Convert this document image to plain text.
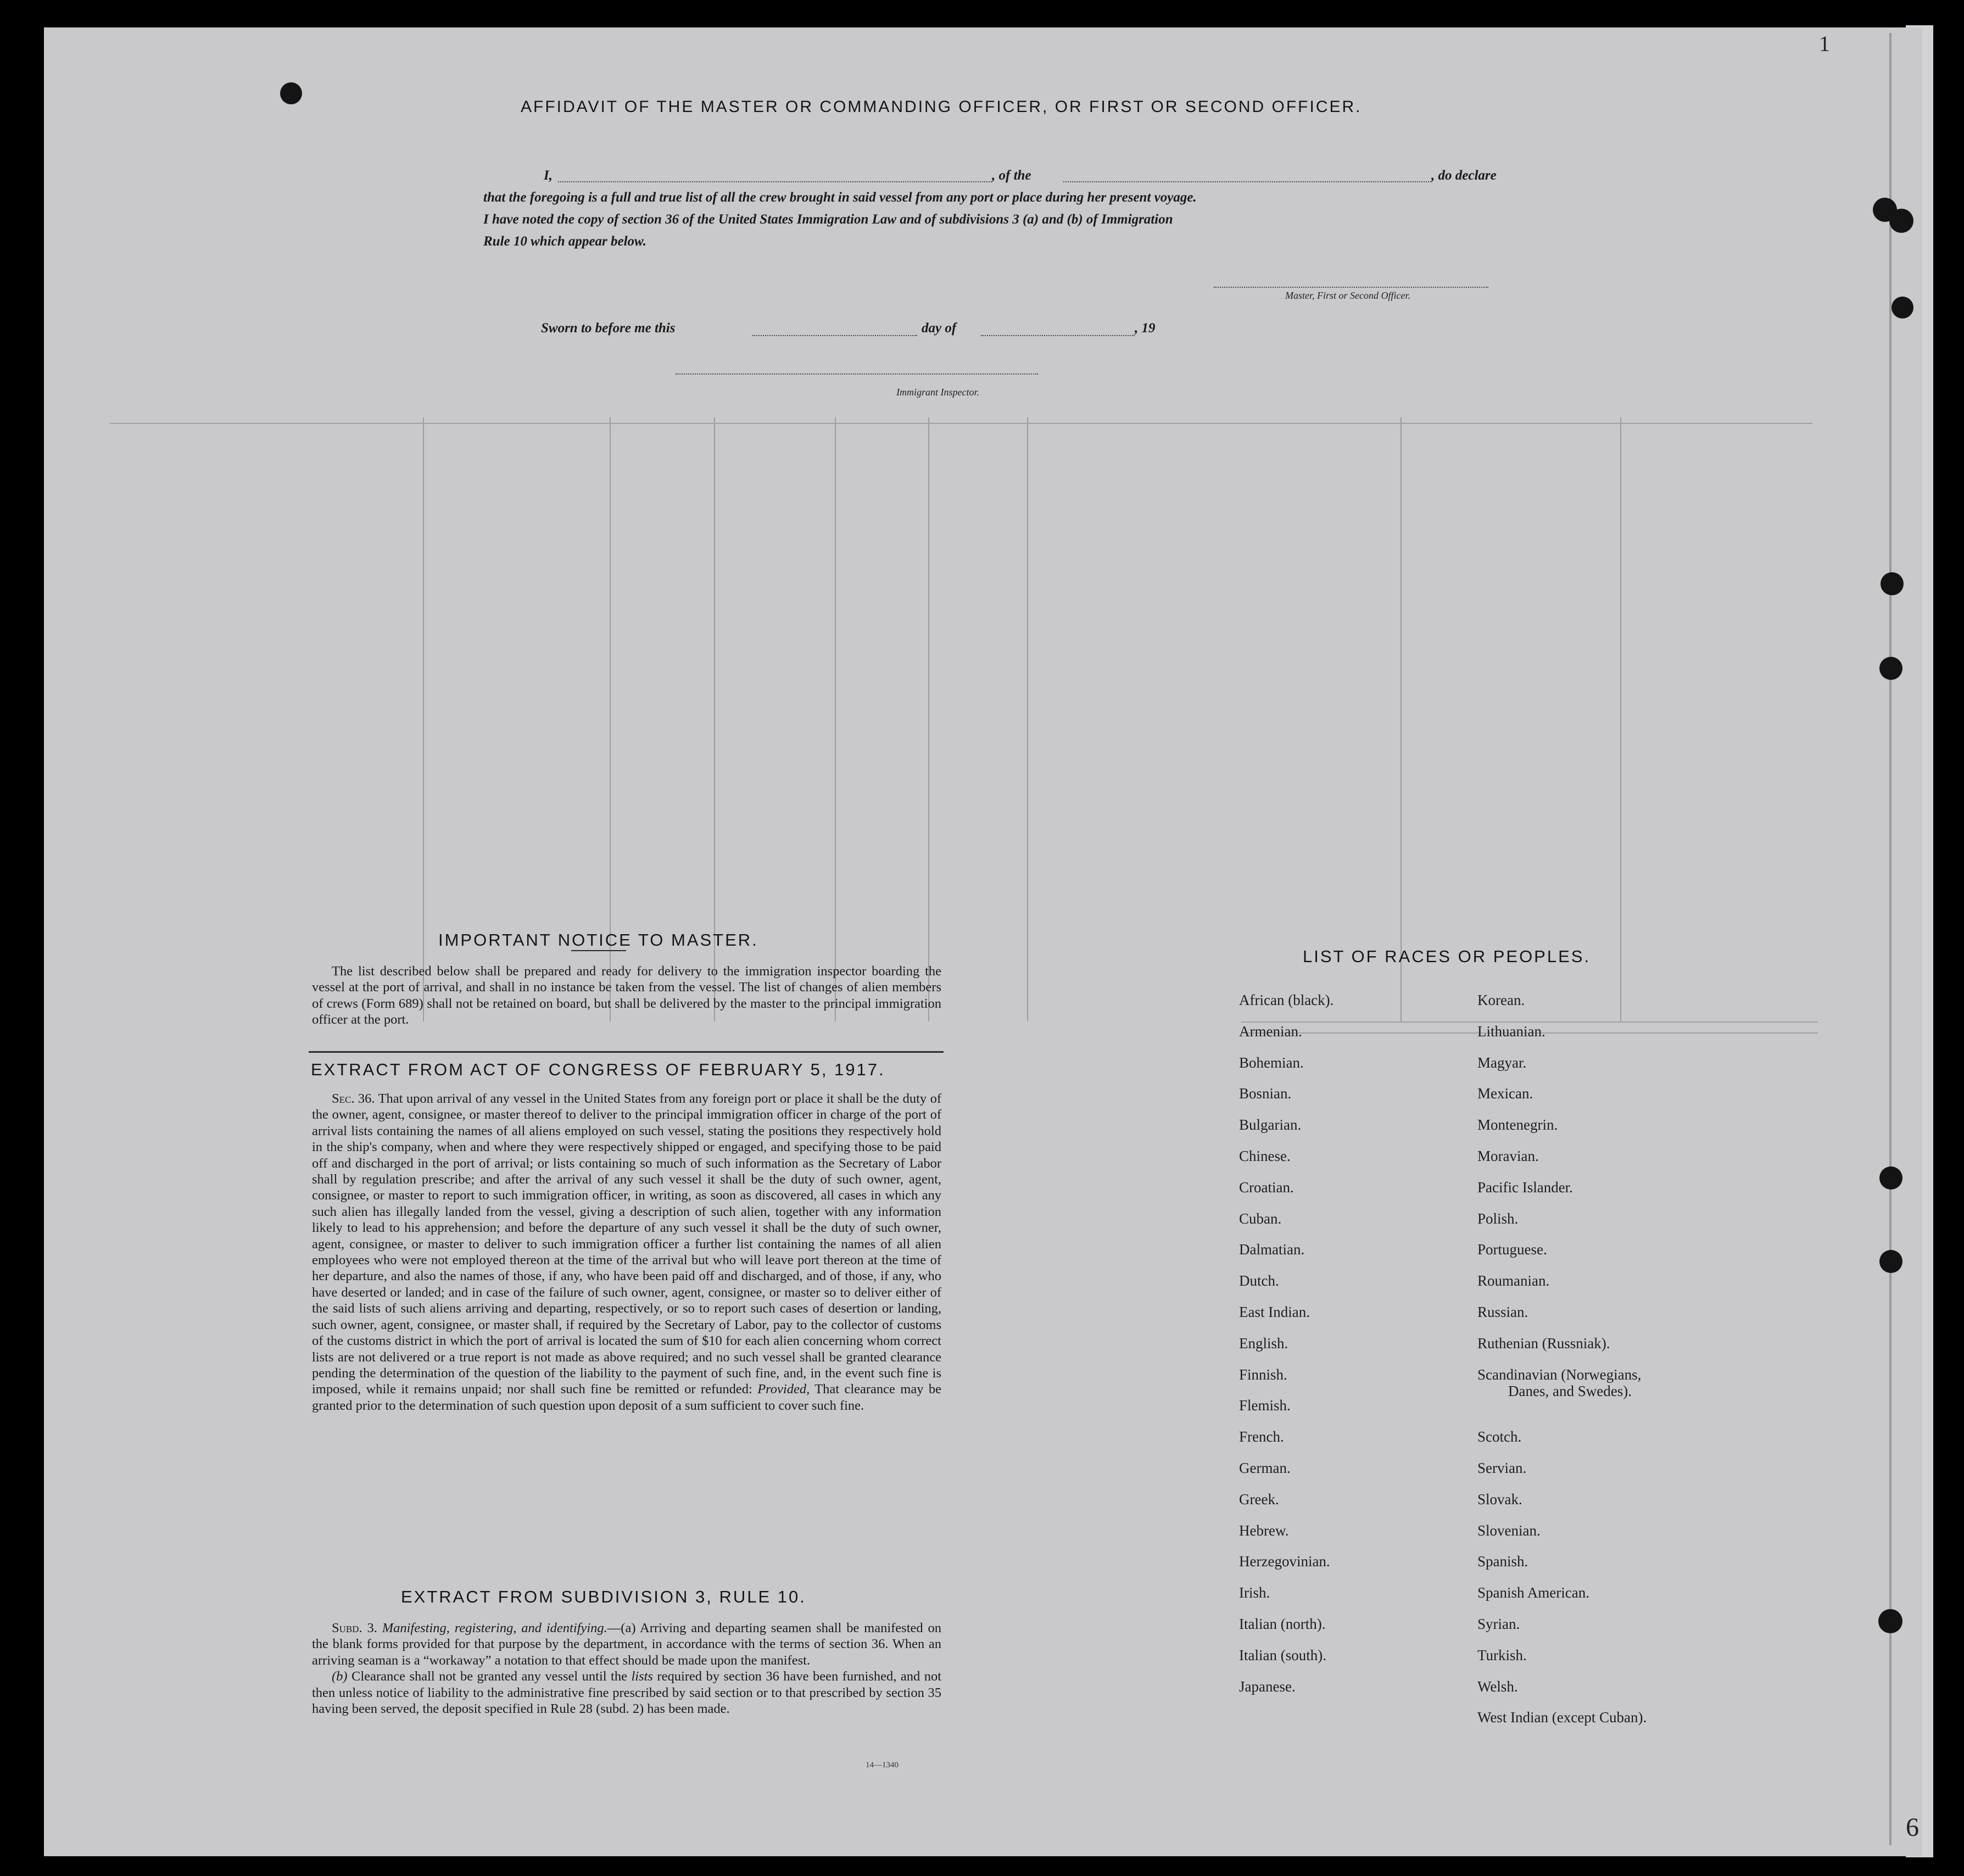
1
6
AFFIDAVIT OF THE MASTER OR COMMANDING OFFICER, OR FIRST OR SECOND OFFICER.
I,	, of the	, do declare
that the foregoing is a full and true list of all the crew brought in said vessel from any port or place during her present voyage.
I have noted the copy of section 36 of the United States Immigration Law and of subdivisions 3 (a) and (b) of Immigration
Rule 10 which appear below.
Master, First or Second Officer.
Sworn to before me this	day of	, 19
Immigrant Inspector.
IMPORTANT NOTICE TO MASTER.

The list described below shall be prepared and ready for delivery to the immigration inspector boarding the vessel at the port of arrival, and shall in no instance be taken from the vessel. The list of changes of alien members of crews (Form 689) shall not be retained on board, but shall be delivered by the master to the principal immigration officer at the port.

EXTRACT FROM ACT OF CONGRESS OF FEBRUARY 5, 1917.

Sec. 36. That upon arrival of any vessel in the United States from any foreign port or place it shall be the duty of the owner, agent, consignee, or master thereof to deliver to the principal immigration officer in charge of the port of arrival lists containing the names of all aliens employed on such vessel, stating the positions they respectively hold in the ship's company, when and where they were respectively shipped or engaged, and specifying those to be paid off and discharged in the port of arrival; or lists containing so much of such information as the Secretary of Labor shall by regulation prescribe; and after the arrival of any such vessel it shall be the duty of such owner, agent, consignee, or master to report to such immigration officer, in writing, as soon as discovered, all cases in which any such alien has illegally landed from the vessel, giving a description of such alien, together with any information likely to lead to his apprehension; and before the departure of any such vessel it shall be the duty of such owner, agent, consignee, or master to deliver to such immigration officer a further list containing the names of all alien employees who were not employed thereon at the time of the arrival but who will leave port thereon at the time of her departure, and also the names of those, if any, who have been paid off and discharged, and of those, if any, who have deserted or landed; and in case of the failure of such owner, agent, consignee, or master so to deliver either of the said lists of such aliens arriving and departing, respectively, or so to report such cases of desertion or landing, such owner, agent, consignee, or master shall, if required by the Secretary of Labor, pay to the collector of customs of the customs district in which the port of arrival is located the sum of $10 for each alien concerning whom correct lists are not delivered or a true report is not made as above required; and no such vessel shall be granted clearance pending the determination of the question of the liability to the payment of such fine, and, in the event such fine is imposed, while it remains unpaid; nor shall such fine be remitted or refunded: Provided, That clearance may be granted prior to the determination of such question upon deposit of a sum sufficient to cover such fine.

EXTRACT FROM SUBDIVISION 3, RULE 10.

Subd. 3. Manifesting, registering, and identifying.—(a) Arriving and departing seamen shall be manifested on the blank forms provided for that purpose by the department, in accordance with the terms of section 36. When an arriving seaman is a “workaway” a notation to that effect should be made upon the manifest.

(b) Clearance shall not be granted any vessel until the lists required by section 36 have been furnished, and not then unless notice of liability to the administrative fine prescribed by said section or to that prescribed by section 35 having been served, the deposit specified in Rule 28 (subd. 2) has been made.

14—1340
LIST OF RACES OR PEOPLES.
African (black).
Armenian.
Bohemian.
Bosnian.
Bulgarian.
Chinese.
Croatian.
Cuban.
Dalmatian.
Dutch.
East Indian.
English.
Finnish.
Flemish.
French.
German.
Greek.
Hebrew.
Herzegovinian.
Irish.
Italian (north).
Italian (south).
Japanese.
Korean.
Lithuanian.
Magyar.
Mexican.
Montenegrin.
Moravian.
Pacific Islander.
Polish.
Portuguese.
Roumanian.
Russian.
Ruthenian (Russniak).
Scandinavian (Norwegians,
Danes, and Swedes).
Scotch.
Servian.
Slovak.
Slovenian.
Spanish.
Spanish American.
Syrian.
Turkish.
Welsh.
West Indian (except Cuban).
